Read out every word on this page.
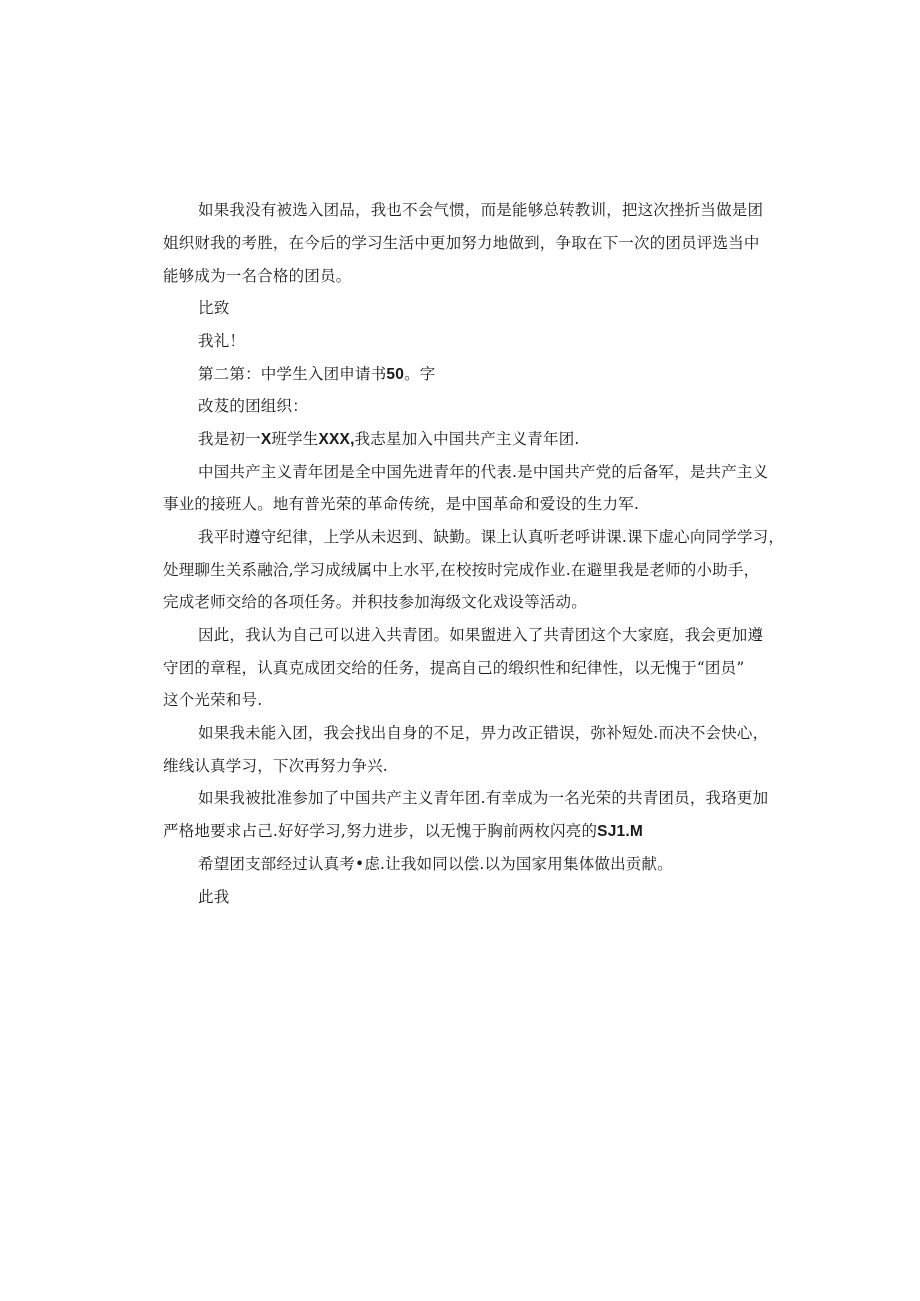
如果我没有被选入团品，我也不会气惯，而是能够总转教训，把这次挫折当做是团
姐织财我的考胜，在今后的学习生活中更加努力地做到，争取在下一次的团员评选当中
能够成为一名合格的团员。
比致
我礼！
第二第：中学生入团申请书50。字
改芨的团组织：
我是初一X班学生XXX,我志星加入中国共产主义青年团.
中国共产主义青年团是全中国先进青年的代表.是中国共产党的后备军，是共产主义
事业的接班人。地有普光荣的革命传统，是中国革命和爱设的生力军.
我平时遵守纪律，上学从未迟到、缺勤。课上认真听老呼讲课.课下虚心向同学学习，
处理聊生关系融洽,学习成绒属中上水平,在校按时完成作业.在避里我是老师的小助手，
完成老师交给的各项任务。并积技参加海级文化戏设等活动。
因此，我认为自己可以进入共青团。如果盥进入了共青团这个大家庭，我会更加遵
守团的章程，认真克成团交给的任务，提高自己的缎织性和纪律性，以无愧于“团员”
这个光荣和号.
如果我未能入团，我会找出自身的不足，畀力改正错误，弥补短处.而决不会快心，
维线认真学习，下次再努力争兴.
如果我被批准参加了中国共产主义青年团.有幸成为一名光荣的共青团员，我珞更加
严格地要求占己.好好学习,努力进步，以无愧于胸前两枚闪亮的SJ1.M
希望团支部经过认真考•虑.让我如同以偿.以为国家用集体做出贡献。
此我
